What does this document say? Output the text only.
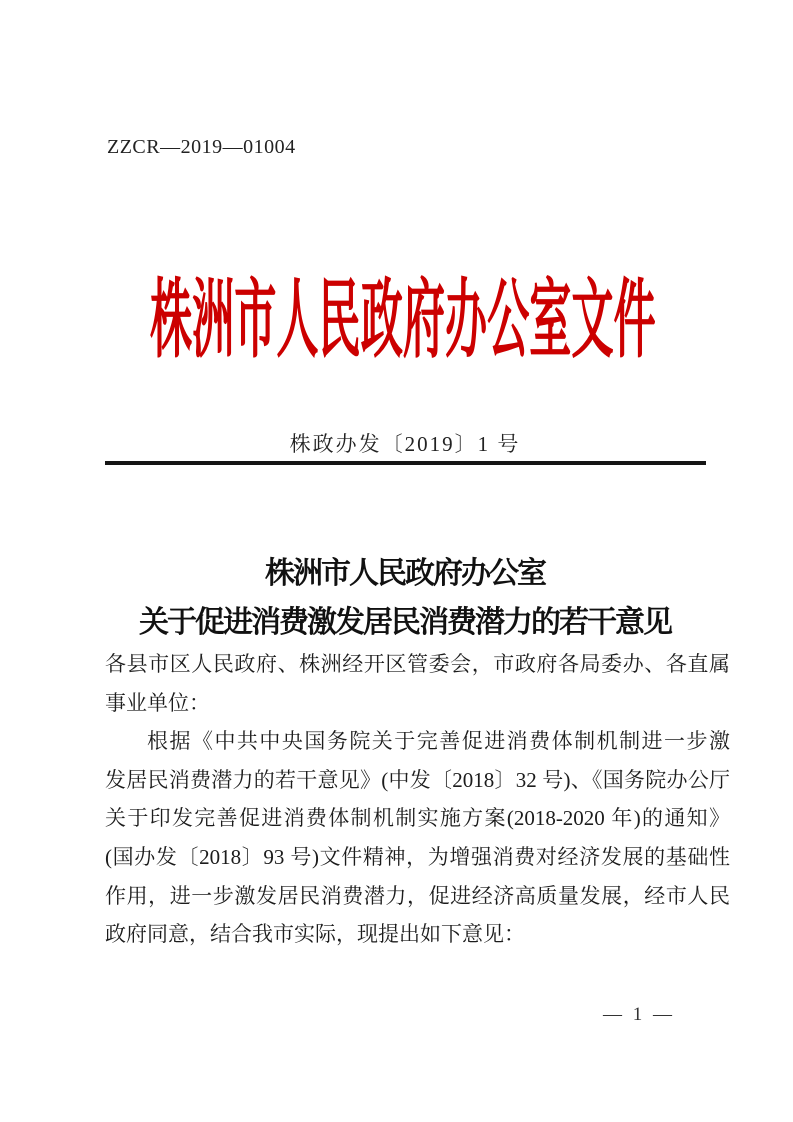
ZZCR—2019—01004
株洲市人民政府办公室文件
株政办发〔2019〕1 号
株洲市人民政府办公室
关于促进消费激发居民消费潜力的若干意见
各县市区人民政府、株洲经开区管委会，市政府各局委办、各直属
事业单位：
根据《中共中央国务院关于完善促进消费体制机制进一步激
发居民消费潜力的若干意见》(中发〔2018〕32 号)、《国务院办公厅
关于印发完善促进消费体制机制实施方案(2018-2020 年)的通知》
(国办发〔2018〕93 号)文件精神，为增强消费对经济发展的基础性
作用，进一步激发居民消费潜力，促进经济高质量发展，经市人民
政府同意，结合我市实际，现提出如下意见：
— 1 —
